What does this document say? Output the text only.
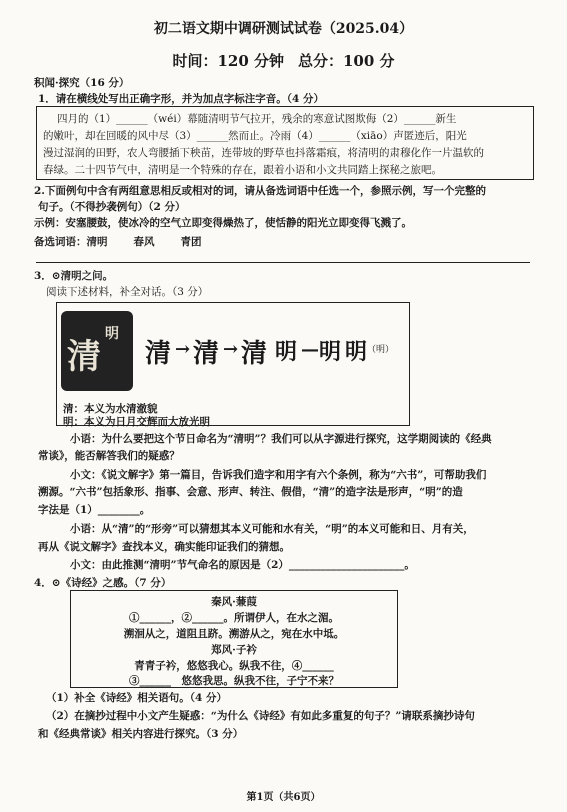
初二语文期中调研测试试卷（2025.04）
时间：120 分钟 总分：100 分
积闻·探究（16 分）
1．请在横线处写出正确字形，并为加点字标注字音。（4 分）
四月的（1）______（wéi）幕随清明节气拉开，残余的寒意试图欺侮（2）______新生
的嫩叶，却在回暖的风中尽（3）______然而止。冷雨（4）______（xiāo）声匿迹后，阳光
漫过湿润的田野，农人弯腰插下秧苗，连带坡的野草也抖落霜痕，将清明的肃穆化作一片温软的
春绿。二十四节气中，清明是一个特殊的存在，跟着小语和小文共同踏上探秘之旅吧。
2.下面例句中含有两组意思相反或相对的词，请从备选词语中任选一个，参照示例，写一个完整的
句子。（不得抄袭例句）（2 分）
示例：安塞腰鼓，使冰冷的空气立即变得燥热了，使恬静的阳光立即变得飞溅了。
备选词语：清明 春风 青团
3．⊙清明之问。
阅读下述材料，补全对话。（3 分）
清
明
清 → 清 → 清 明 — 明 明 （明）
清：本义为水清澈貌
明：本义为日月交辉而大放光明
小语：为什么要把这个节日命名为“清明”？我们可以从字源进行探究，这学期阅读的《经典
常谈》，能否解答我们的疑惑？
小文：《说文解字》第一篇目，告诉我们造字和用字有六个条例，称为“六书”，可帮助我们
溯源。“六书”包括象形、指事、会意、形声、转注、假借，“清”的造字法是形声，“明”的造
字法是（1）________。
小语：从“清”的“形旁”可以猜想其本义可能和水有关，“明”的本义可能和日、月有关，
再从《说文解字》查找本义，确实能印证我们的猜想。
小文：由此推测“清明”节气命名的原因是（2）______________________。
4．⊙《诗经》之感。（7 分）
秦风·蒹葭
①______，②______。所谓伊人，在水之湄。
溯洄从之，道阻且跻。溯游从之，宛在水中坻。
郑风·子衿
青青子衿，悠悠我心。纵我不往，④______
③______　悠悠我思。纵我不往，子宁不来？
（1）补全《诗经》相关语句。（4 分）
（2）在摘抄过程中小文产生疑惑：“为什么《诗经》有如此多重复的句子？”请联系摘抄诗句
和《经典常谈》相关内容进行探究。（3 分）
第1页（共6页）
